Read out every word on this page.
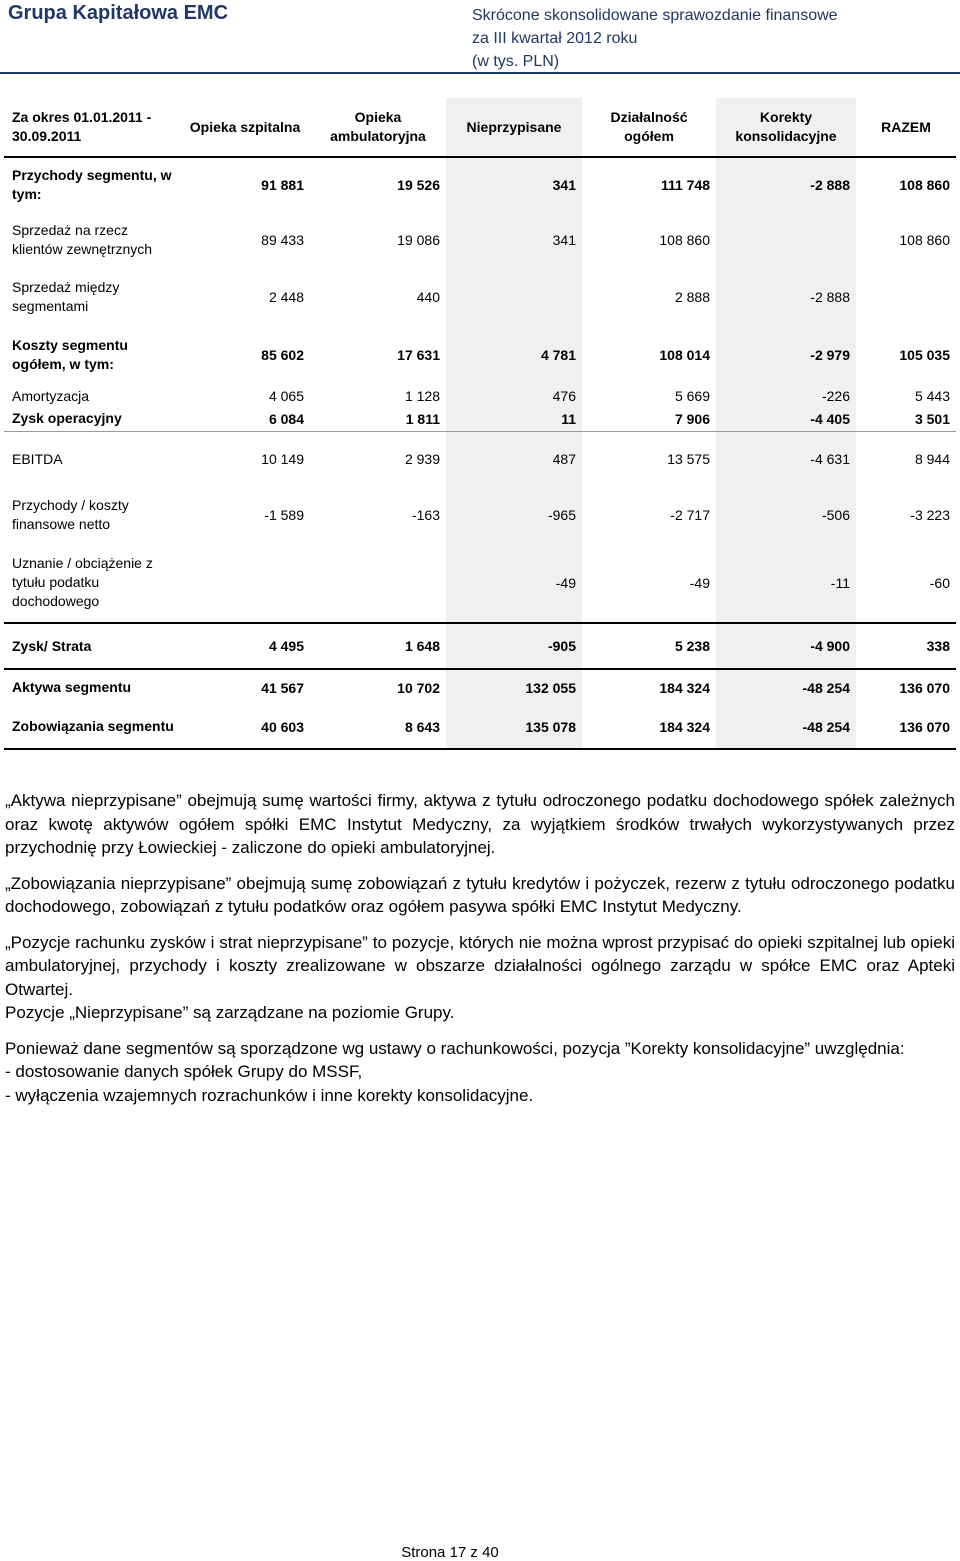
Grupa Kapitałowa EMC	Skrócone skonsolidowane sprawozdanie finansowe
za III kwartał 2012 roku
(w tys. PLN)
Za okres 01.01.2011 - 30.09.2011	Opieka szpitalna	Opieka ambulatoryjna	Nieprzypisane	Działalność ogółem	Korekty konsolidacyjne	RAZEM
Przychody segmentu, w tym:	91 881	19 526	341	111 748	-2 888	108 860
Sprzedaż na rzecz klientów zewnętrznych	89 433	19 086	341	108 860		108 860
Sprzedaż między segmentami	2 448	440		2 888	-2 888	
Koszty segmentu ogółem, w tym:	85 602	17 631	4 781	108 014	-2 979	105 035
Amortyzacja	4 065	1 128	476	5 669	-226	5 443
Zysk operacyjny	6 084	1 811	11	7 906	-4 405	3 501
EBITDA	10 149	2 939	487	13 575	-4 631	8 944
Przychody / koszty finansowe netto	-1 589	-163	-965	-2 717	-506	-3 223
Uznanie / obciążenie z tytułu podatku dochodowego			-49	-49	-11	-60
Zysk/ Strata	4 495	1 648	-905	5 238	-4 900	338
Aktywa segmentu	41 567	10 702	132 055	184 324	-48 254	136 070
Zobowiązania segmentu	40 603	8 643	135 078	184 324	-48 254	136 070

„Aktywa nieprzypisane” obejmują sumę wartości firmy, aktywa z tytułu odroczonego podatku dochodowego spółek zależnych oraz kwotę aktywów ogółem spółki EMC Instytut Medyczny, za wyjątkiem środków trwałych wykorzystywanych przez przychodnię przy Łowieckiej - zaliczone do opieki ambulatoryjnej.

„Zobowiązania nieprzypisane” obejmują sumę zobowiązań z tytułu kredytów i pożyczek, rezerw z tytułu odroczonego podatku dochodowego, zobowiązań z tytułu podatków oraz ogółem pasywa spółki EMC Instytut Medyczny.

„Pozycje rachunku zysków i strat nieprzypisane” to pozycje, których nie można wprost przypisać do opieki szpitalnej lub opieki ambulatoryjnej, przychody i koszty zrealizowane w obszarze działalności ogólnego zarządu w spółce EMC oraz Apteki Otwartej.

Pozycje „Nieprzypisane” są zarządzane na poziomie Grupy.

Ponieważ dane segmentów są sporządzone wg ustawy o rachunkowości, pozycja ”Korekty konsolidacyjne” uwzględnia:

- dostosowanie danych spółek Grupy do MSSF,
- wyłączenia wzajemnych rozrachunków i inne korekty konsolidacyjne.
Strona 17 z 40
